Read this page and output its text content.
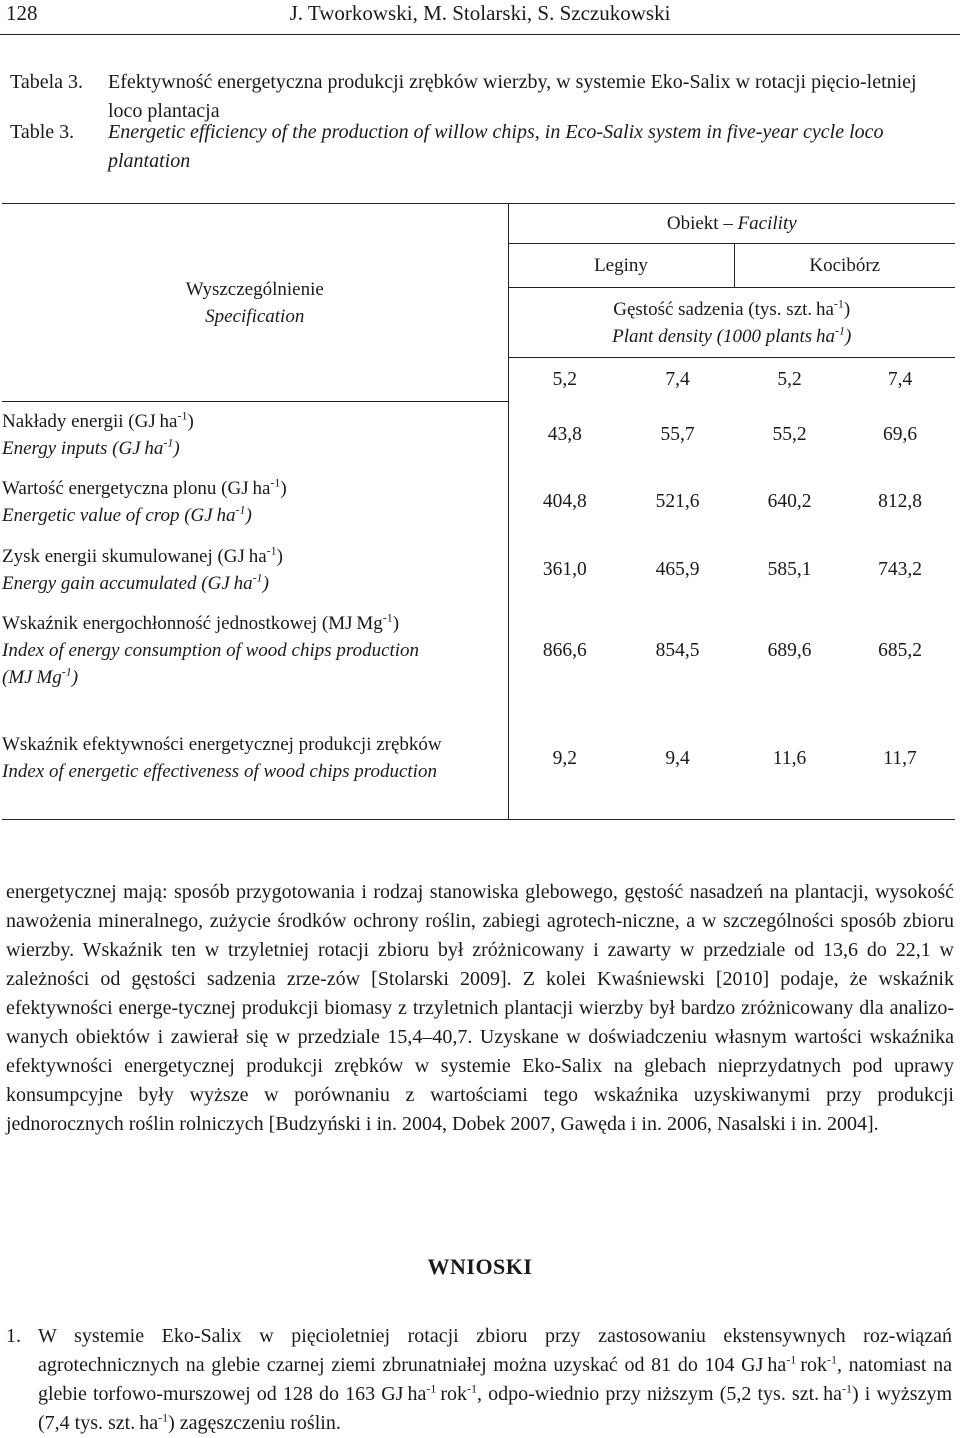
128	J. Tworkowski, M. Stolarski, S. Szczukowski
Tabela 3.	Efektywność energetyczna produkcji zrębków wierzby, w systemie Eko-Salix w rotacji pięcio-letniej loco plantacja
Table 3.	Energetic efficiency of the production of willow chips, in Eco-Salix system in five-year cycle loco plantation
Wyszczególnienie
Specification	Obiekt – Facility			
	Leginy		Kocibórz	

	Gęstość sadzenia (tys. szt.  $ha^{-1}$)
Plant density (1000 plants  $ha^{-1}$)			

	5,2	7,4	5,2	7,4

Nakłady energii (GJ  $ha^{-1}$)
Energy inputs (GJ  $ha^{-1}$)	43,8	55,7	55,2	69,6

Wartość energetyczna plonu (GJ  $ha^{-1}$)
Energetic value of crop (GJ  $ha^{-1}$)	404,8	521,6	640,2	812,8

Zysk energii skumulowanej (GJ  $ha^{-1}$)
Energy gain accumulated (GJ  $ha^{-1}$)	361,0	465,9	585,1	743,2

Wskaźnik energochłonność jednostkowej (MJ  $Mg^{-1}$)
Index of energy consumption of wood chips production (MJ  $Mg^{-1}$)	866,6	854,5	689,6	685,2

Wskaźnik efektywności energetycznej produkcji zrębków
Index of energetic effectiveness of wood chips production	9,2	9,4	11,6	11,7
energetycznej mają: sposób przygotowania i rodzaj stanowiska glebowego, gęstość nasadzeń na plantacji, wysokość nawożenia mineralnego, zużycie środków ochrony roślin, zabiegi agrotech-niczne, a w szczególności sposób zbioru wierzby. Wskaźnik ten w trzyletniej rotacji zbioru był zróżnicowany i zawarty w przedziale od 13,6 do 22,1 w zależności od gęstości sadzenia zrze-zów [Stolarski 2009]. Z kolei Kwaśniewski [2010] podaje, że wskaźnik efektywności energe-tycznej produkcji biomasy z trzyletnich plantacji wierzby był bardzo zróżnicowany dla analizo-wanych obiektów i zawierał się w przedziale 15,4–40,7. Uzyskane w doświadczeniu własnym wartości wskaźnika efektywności energetycznej produkcji zrębków w systemie Eko-Salix na glebach nieprzydatnych pod uprawy konsumpcyjne były wyższe w porównaniu z wartościami tego wskaźnika uzyskiwanymi przy produkcji jednorocznych roślin rolniczych [Budzyński i in. 2004, Dobek 2007, Gawęda i in. 2006, Nasalski i in. 2004].
WNIOSKI
1. W systemie Eko-Salix w pięcioletniej rotacji zbioru przy zastosowaniu ekstensywnych roz-wiązań agrotechnicznych na glebie czarnej ziemi zbrunatniałej można uzyskać od 81 do 104 GJ  $ha^{-1}$  rok$^{-1}$, natomiast na glebie torfowo-murszowej od 128 do 163 GJ  $ha^{-1}$  rok$^{-1}$, odpo-wiednio przy niższym (5,2 tys. szt.  $ha^{-1}$) i wyższym (7,4 tys. szt.  $ha^{-1}$) zagęszczeniu roślin.
